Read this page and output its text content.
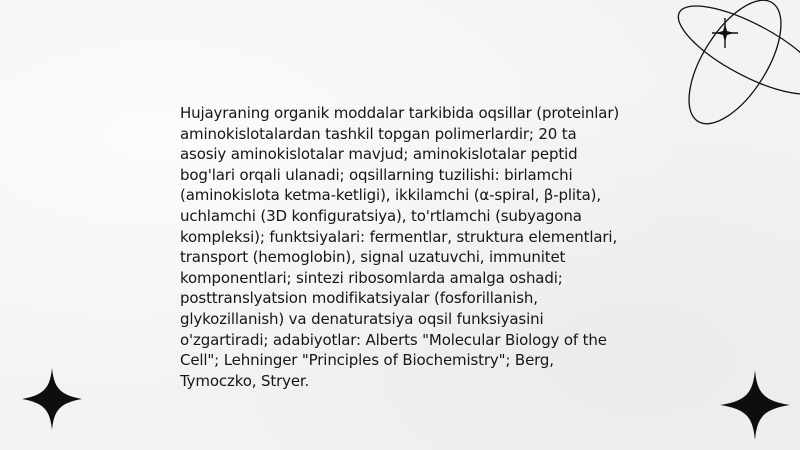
Hujayraning organik moddalar tarkibida oqsillar (proteinlar) aminokislotalardan tashkil topgan polimerlardir; 20 ta asosiy aminokislotalar mavjud; aminokislotalar peptid bog'lari orqali ulanadi; oqsillarning tuzilishi: birlamchi (aminokislota ketma-ketligi), ikkilamchi (α-spiral, β-plita), uchlamchi (3D konfiguratsiya), to'rtlamchi (subyagona kompleksi); funktsiyalari: fermentlar, struktura elementlari, transport (hemoglobin), signal uzatuvchi, immunitet komponentlari; sintezi ribosomlarda amalga oshadi; posttranslyatsion modifikatsiyalar (fosforillanish, glykozillanish) va denaturatsiya oqsil funksiyasini o'zgartiradi; adabiyotlar: Alberts "Molecular Biology of the Cell"; Lehninger "Principles of Biochemistry"; Berg, Tymoczko, Stryer.
